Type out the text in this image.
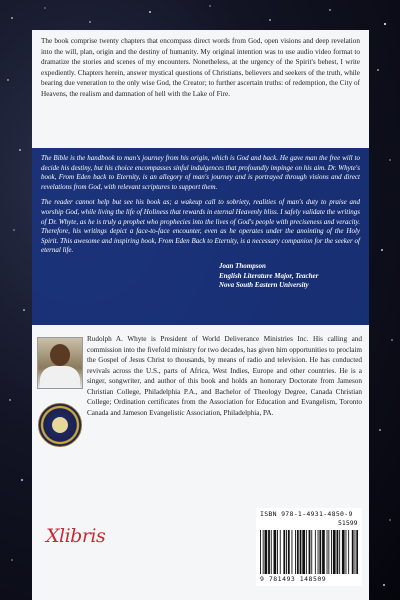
The book comprise twenty chapters that encompass direct words from God, open visions and deep revelation into the will, plan, origin and the destiny of humanity. My original intention was to use audio video format to dramatize the stories and scenes of my encounters. Nonetheless, at the urgency of the Spirit's behest, I write expediently. Chapters herein, answer mystical questions of Christians, believers and seekers of the truth, while bearing due veneration to the only wise God, the Creator; to further ascertain truths: of redemption, the City of Heavens, the realism and damnation of hell with the Lake of Fire.

The Bible is the handbook to man's journey from his origin, which is God and back. He gave man the free will to decide his destiny, but his choice encompasses sinful indulgences that profoundly impinge on his aim. Dr. Whyte's book, From Eden back to Eternity, is an allegory of man's journey and is portrayed through visions and direct revelations from God, with relevant scriptures to support them.

The reader cannot help but see his book as; a wakeup call to sobriety, realities of man's duty to praise and worship God, while living the life of Holiness that rewards in eternal Heavenly bliss. I safely validate the writings of Dr. Whyte, as he is truly a prophet who prophecies into the lives of God's people with preciseness and veracity. Therefore, his writings depict a face-to-face encounter, even as he operates under the anointing of the Holy Spirit. This awesome and inspiring book, From Eden Back to Eternity, is a necessary companion for the seeker of eternal life.

Joan Thompson
English Literature Major, Teacher
Nova South Eastern University
Rudolph A. Whyte is President of World Deliverance Ministries Inc. His calling and commission into the fivefold ministry for two decades, has given him opportunities to proclaim the Gospel of Jesus Christ to thousands, by means of radio and television. He has conducted revivals across the U.S., parts of Africa, West Indies, Europe and other countries. He is a singer, songwriter, and author of this book and holds an honorary Doctorate from Jameson Christian College, Philadelphia P.A., and Bachelor of Theology Degree, Canada Christian College; Ordination certificates from the Association for Education and Evangelism, Toronto Canada and Jameson Evangelistic Association, Philadelphia, PA.
Xlibris
ISBN 978-1-4931-4850-9
51599
9 781493 148509
